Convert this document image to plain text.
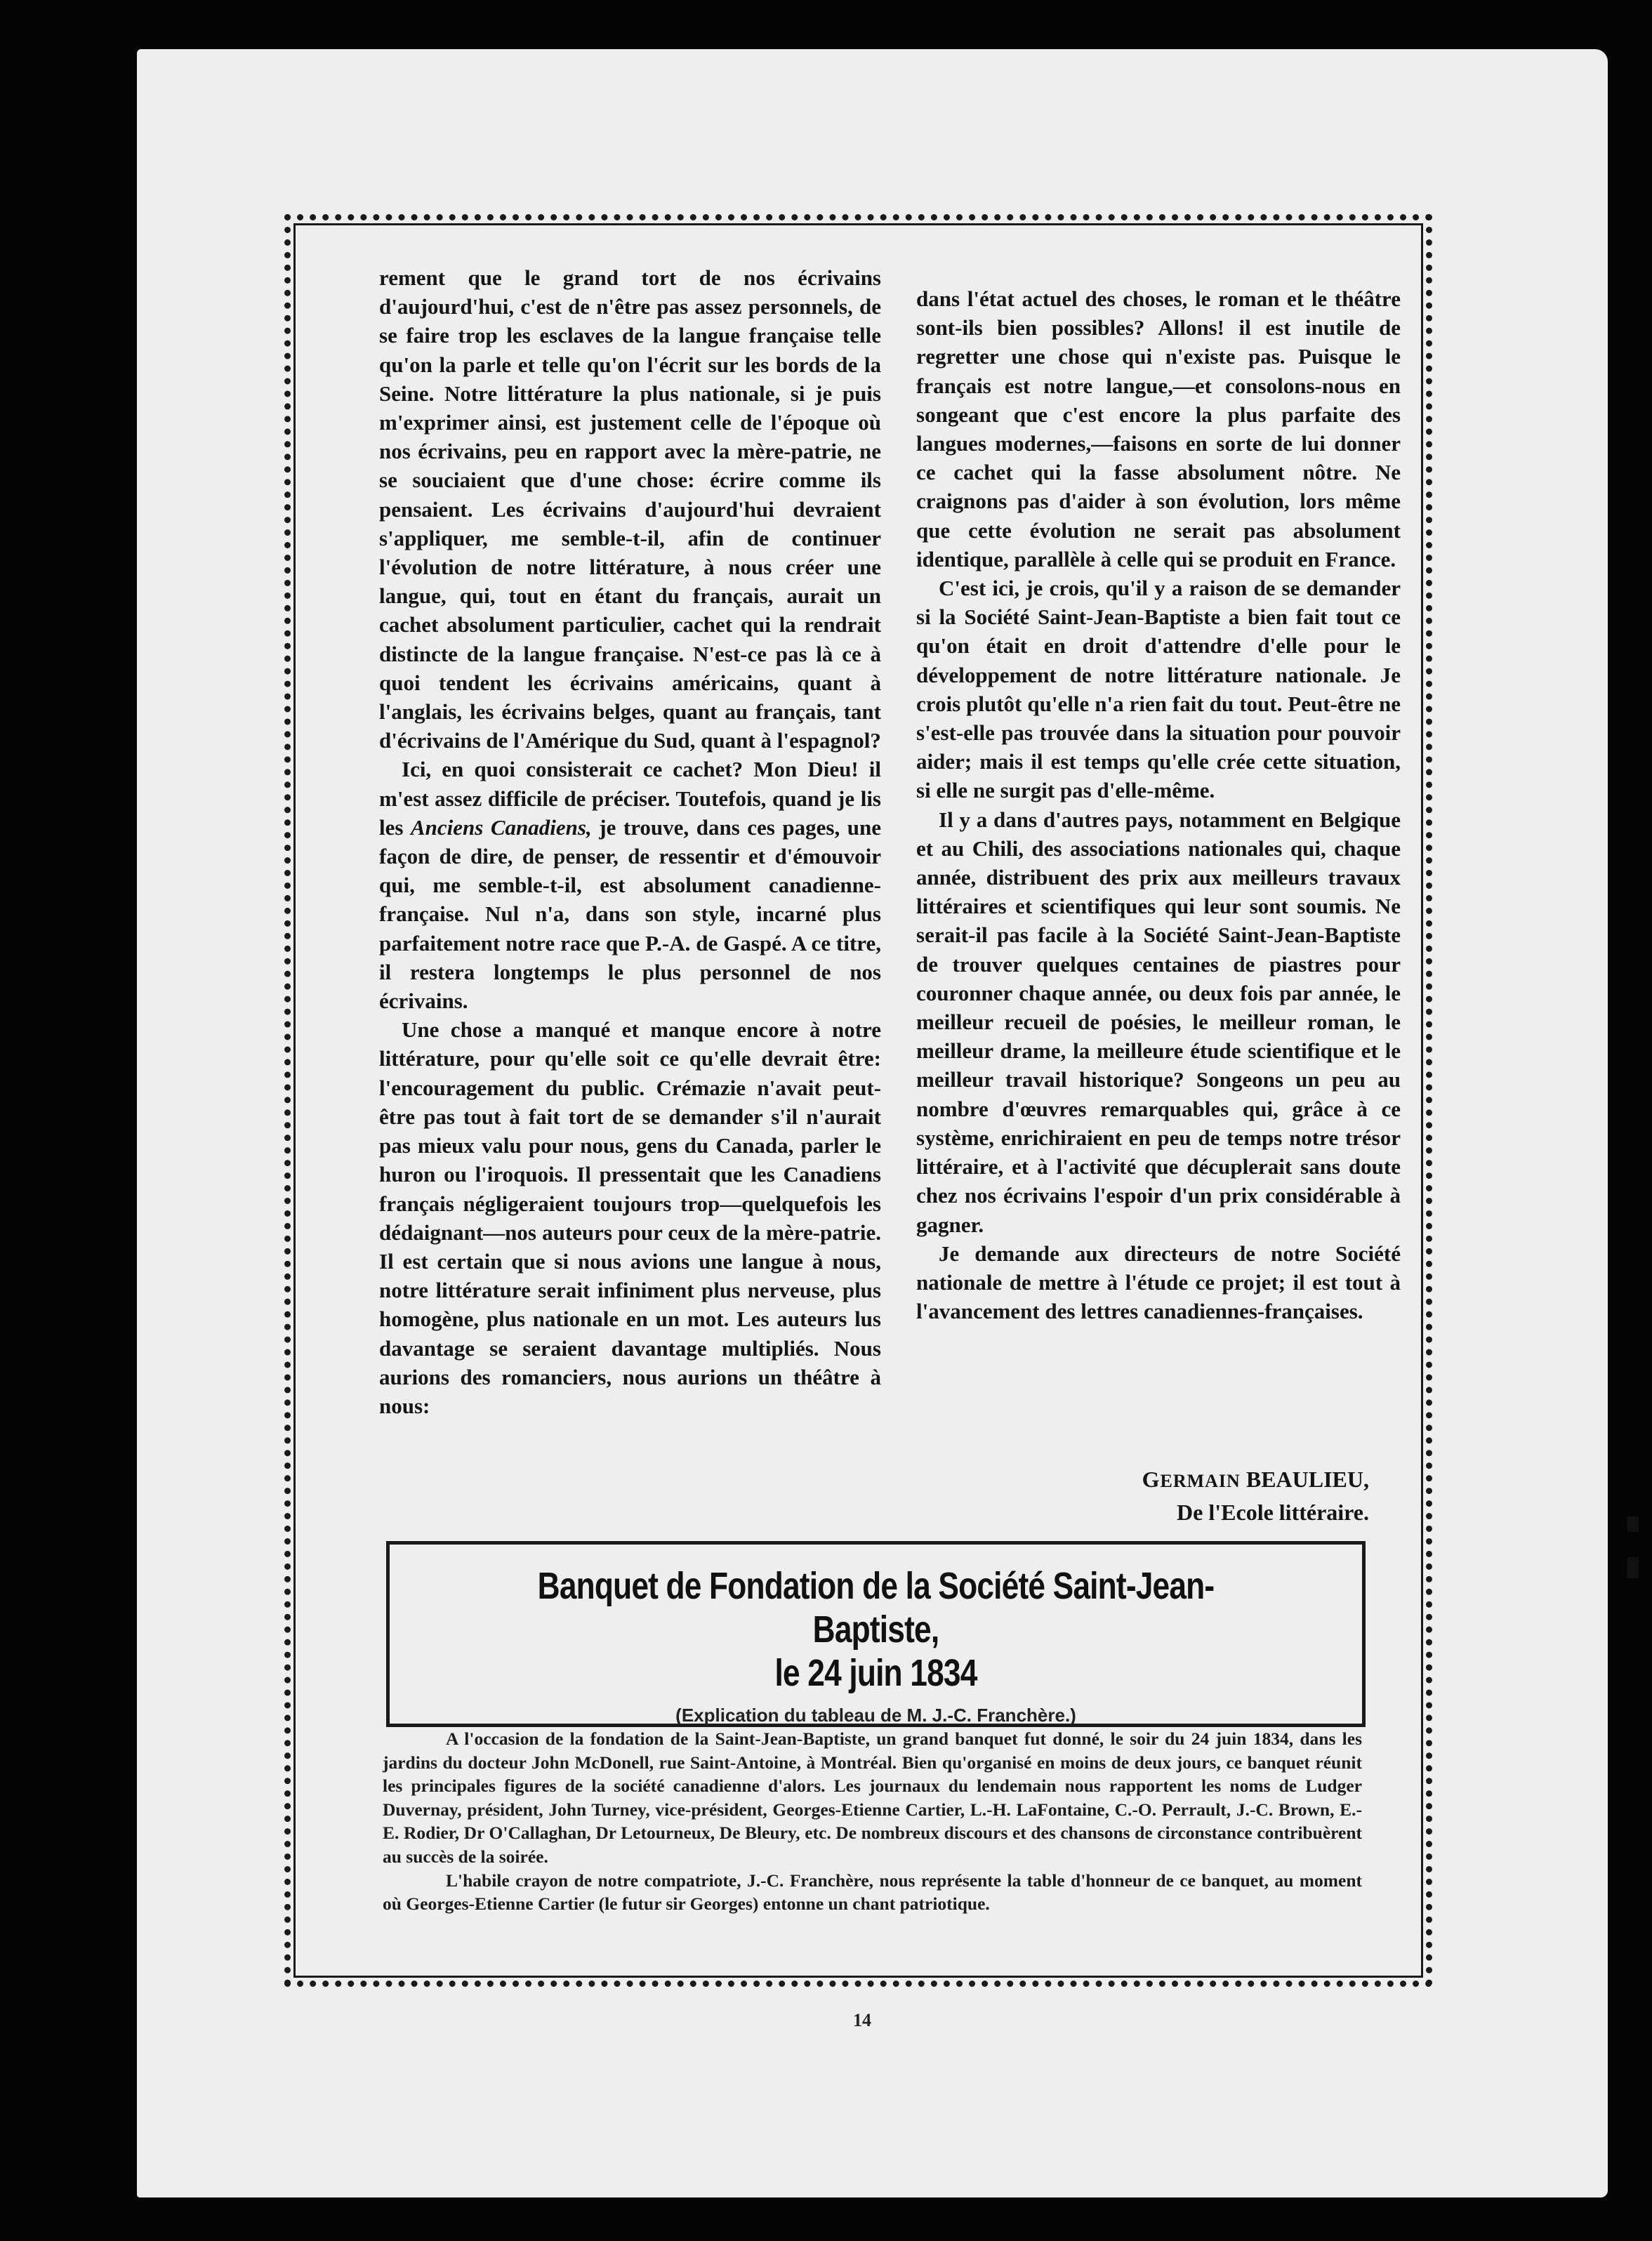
rement que le grand tort de nos écrivains d'aujourd'hui, c'est de n'être pas assez personnels, de se faire trop les esclaves de la langue française telle qu'on la parle et telle qu'on l'écrit sur les bords de la Seine. Notre littérature la plus nationale, si je puis m'exprimer ainsi, est justement celle de l'époque où nos écrivains, peu en rapport avec la mère-patrie, ne se souciaient que d'une chose: écrire comme ils pensaient. Les écrivains d'aujourd'hui devraient s'appliquer, me semble-t-il, afin de continuer l'évolution de notre littérature, à nous créer une langue, qui, tout en étant du français, aurait un cachet absolument particulier, cachet qui la rendrait distincte de la langue française. N'est-ce pas là ce à quoi tendent les écrivains américains, quant à l'anglais, les écrivains belges, quant au français, tant d'écrivains de l'Amérique du Sud, quant à l'espagnol?

Ici, en quoi consisterait ce cachet? Mon Dieu! il m'est assez difficile de préciser. Toutefois, quand je lis les Anciens Canadiens, je trouve, dans ces pages, une façon de dire, de penser, de ressentir et d'émouvoir qui, me semble-t-il, est absolument canadienne-française. Nul n'a, dans son style, incarné plus parfaitement notre race que P.-A. de Gaspé. A ce titre, il restera longtemps le plus personnel de nos écrivains.

Une chose a manqué et manque encore à notre littérature, pour qu'elle soit ce qu'elle devrait être: l'encouragement du public. Crémazie n'avait peut-être pas tout à fait tort de se demander s'il n'aurait pas mieux valu pour nous, gens du Canada, parler le huron ou l'iroquois. Il pressentait que les Canadiens français négligeraient toujours trop—quelquefois les dédaignant—nos auteurs pour ceux de la mère-patrie. Il est certain que si nous avions une langue à nous, notre littérature serait infiniment plus nerveuse, plus homogène, plus nationale en un mot. Les auteurs lus davantage se seraient davantage multipliés. Nous aurions des romanciers, nous aurions un théâtre à nous:

dans l'état actuel des choses, le roman et le théâtre sont-ils bien possibles? Allons! il est inutile de regretter une chose qui n'existe pas. Puisque le français est notre langue,—et consolons-nous en songeant que c'est encore la plus parfaite des langues modernes,—faisons en sorte de lui donner ce cachet qui la fasse absolument nôtre. Ne craignons pas d'aider à son évolution, lors même que cette évolution ne serait pas absolument identique, parallèle à celle qui se produit en France.

C'est ici, je crois, qu'il y a raison de se demander si la Société Saint-Jean-Baptiste a bien fait tout ce qu'on était en droit d'attendre d'elle pour le développement de notre littérature nationale. Je crois plutôt qu'elle n'a rien fait du tout. Peut-être ne s'est-elle pas trouvée dans la situation pour pouvoir aider; mais il est temps qu'elle crée cette situation, si elle ne surgit pas d'elle-même.

Il y a dans d'autres pays, notamment en Belgique et au Chili, des associations nationales qui, chaque année, distribuent des prix aux meilleurs travaux littéraires et scientifiques qui leur sont soumis. Ne serait-il pas facile à la Société Saint-Jean-Baptiste de trouver quelques centaines de piastres pour couronner chaque année, ou deux fois par année, le meilleur recueil de poésies, le meilleur roman, le meilleur drame, la meilleure étude scientifique et le meilleur travail historique? Songeons un peu au nombre d'œuvres remarquables qui, grâce à ce système, enrichiraient en peu de temps notre trésor littéraire, et à l'activité que décuplerait sans doute chez nos écrivains l'espoir d'un prix considérable à gagner.

Je demande aux directeurs de notre Société nationale de mettre à l'étude ce projet; il est tout à l'avancement des lettres canadiennes-françaises.

GERMAIN BEAULIEU,
De l'Ecole littéraire.
Banquet de Fondation de la Société Saint-Jean-Baptiste,
le 24 juin 1834
(Explication du tableau de M. J.-C. Franchère.)

A l'occasion de la fondation de la Saint-Jean-Baptiste, un grand banquet fut donné, le soir du 24 juin 1834, dans les jardins du docteur John McDonell, rue Saint-Antoine, à Montréal. Bien qu'organisé en moins de deux jours, ce banquet réunit les principales figures de la société canadienne d'alors. Les journaux du lendemain nous rapportent les noms de Ludger Duvernay, président, John Turney, vice-président, Georges-Etienne Cartier, L.-H. LaFontaine, C.-O. Perrault, J.-C. Brown, E.-E. Rodier, Dr O'Callaghan, Dr Letourneux, De Bleury, etc. De nombreux discours et des chansons de circonstance contribuèrent au succès de la soirée.

L'habile crayon de notre compatriote, J.-C. Franchère, nous représente la table d'honneur de ce banquet, au moment où Georges-Etienne Cartier (le futur sir Georges) entonne un chant patriotique.

14
